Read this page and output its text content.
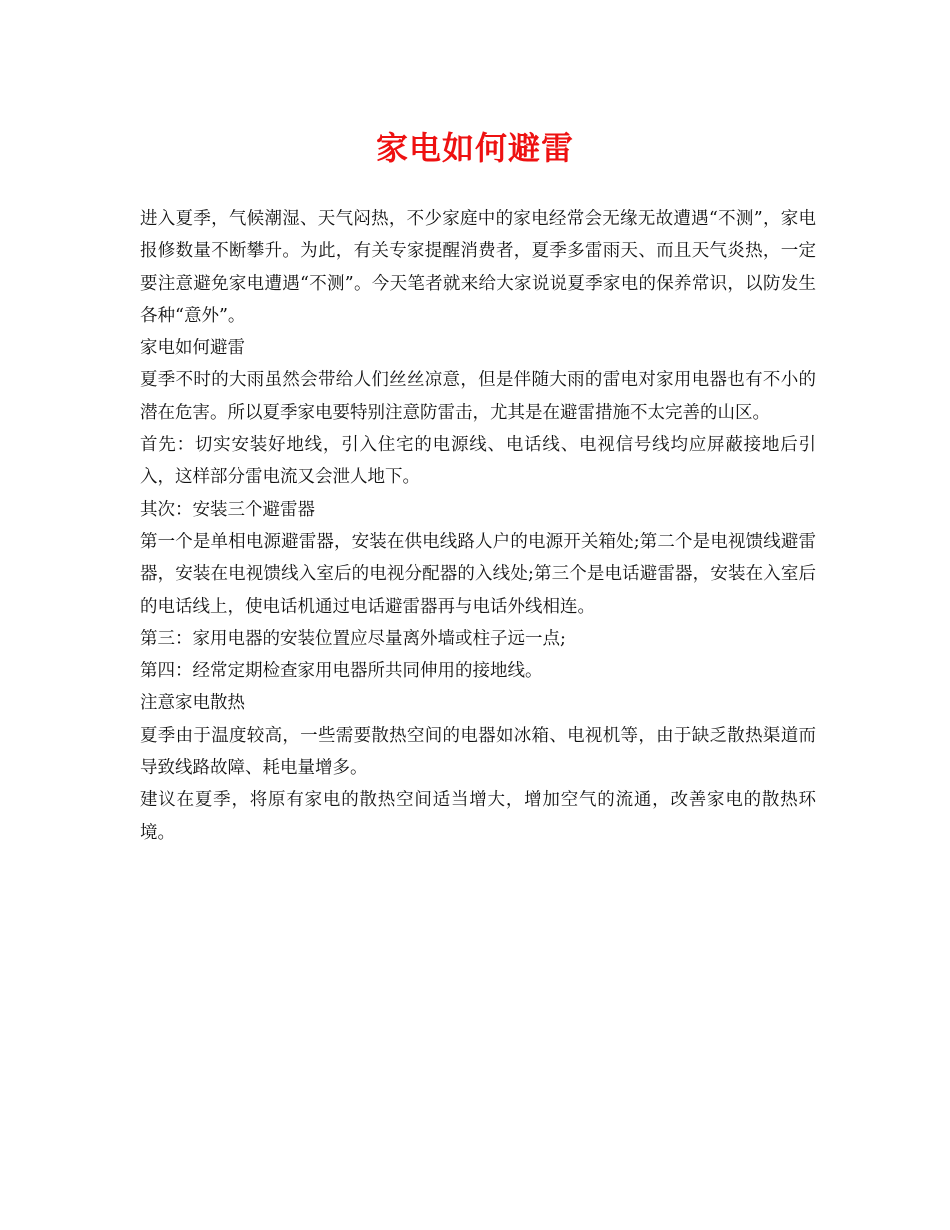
家电如何避雷

进入夏季，气候潮湿、天气闷热，不少家庭中的家电经常会无缘无故遭遇“不测”，家电报修数量不断攀升。为此，有关专家提醒消费者，夏季多雷雨天、而且天气炎热，一定要注意避免家电遭遇“不测”。今天笔者就来给大家说说夏季家电的保养常识，以防发生各种“意外”。

家电如何避雷

夏季不时的大雨虽然会带给人们丝丝凉意，但是伴随大雨的雷电对家用电器也有不小的潜在危害。所以夏季家电要特别注意防雷击，尤其是在避雷措施不太完善的山区。

首先：切实安装好地线，引入住宅的电源线、电话线、电视信号线均应屏蔽接地后引入，这样部分雷电流又会泄人地下。

其次：安装三个避雷器

第一个是单相电源避雷器，安装在供电线路人户的电源开关箱处;第二个是电视馈线避雷器，安装在电视馈线入室后的电视分配器的入线处;第三个是电话避雷器，安装在入室后的电话线上，使电话机通过电话避雷器再与电话外线相连。

第三：家用电器的安装位置应尽量离外墙或柱子远一点;

第四：经常定期检查家用电器所共同伸用的接地线。

注意家电散热

夏季由于温度较高，一些需要散热空间的电器如冰箱、电视机等，由于缺乏散热渠道而导致线路故障、耗电量增多。

建议在夏季，将原有家电的散热空间适当增大，增加空气的流通，改善家电的散热环境。
